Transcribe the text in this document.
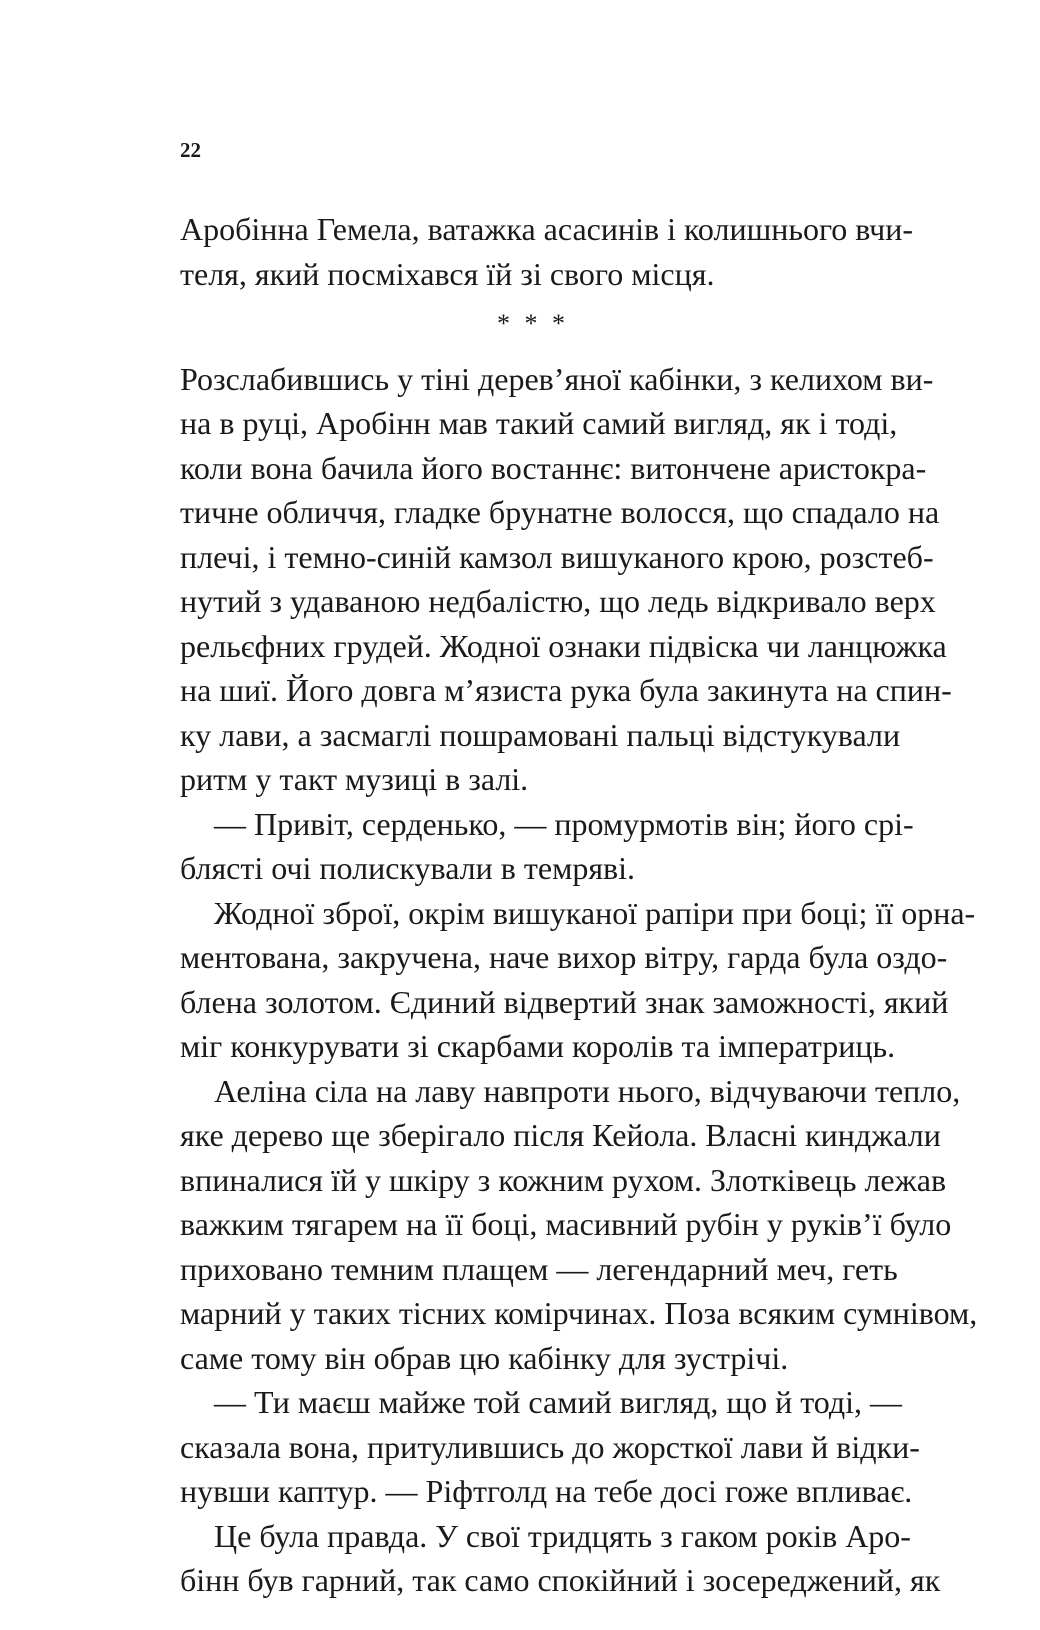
22
Аробінна Гемела, ватажка асасинів і колишнього вчи-
теля, який посміхався їй зі свого місця.
* * *
Розслабившись у тіні дерев’яної кабінки, з келихом ви-
на в руці, Аробінн мав такий самий вигляд, як і тоді,
коли вона бачила його востаннє: витончене аристокра-
тичне обличчя, гладке брунатне волосся, що спадало на
плечі, і темно-синій камзол вишуканого крою, розстеб-
нутий з удаваною недбалістю, що ледь відкривало верх
рельєфних грудей. Жодної ознаки підвіска чи ланцюжка
на шиї. Його довга м’язиста рука була закинута на спин-
ку лави, а засмаглі пошрамовані пальці відстукували
ритм у такт музиці в залі.
— Привіт, серденько, — промурмотів він; його срі-
блясті очі полискували в темряві.
Жодної зброї, окрім вишуканої рапіри при боці; її орна-
ментована, закручена, наче вихор вітру, гарда була оздо-
блена золотом. Єдиний відвертий знак заможності, який
міг конкурувати зі скарбами королів та імператриць.
Аеліна сіла на лаву навпроти нього, відчуваючи тепло,
яке дерево ще зберігало після Кейола. Власні кинджали
впиналися їй у шкіру з кожним рухом. Злотківець лежав
важким тягарем на її боці, масивний рубін у руків’ї було
приховано темним плащем — легендарний меч, геть
марний у таких тісних комірчинах. Поза всяким сумнівом,
саме тому він обрав цю кабінку для зустрічі.
— Ти маєш майже той самий вигляд, що й тоді, —
сказала вона, притулившись до жорсткої лави й відки-
нувши каптур. — Ріфтголд на тебе досі гоже впливає.
Це була правда. У свої тридцять з гаком років Аро-
бінн був гарний, так само спокійний і зосереджений, як
